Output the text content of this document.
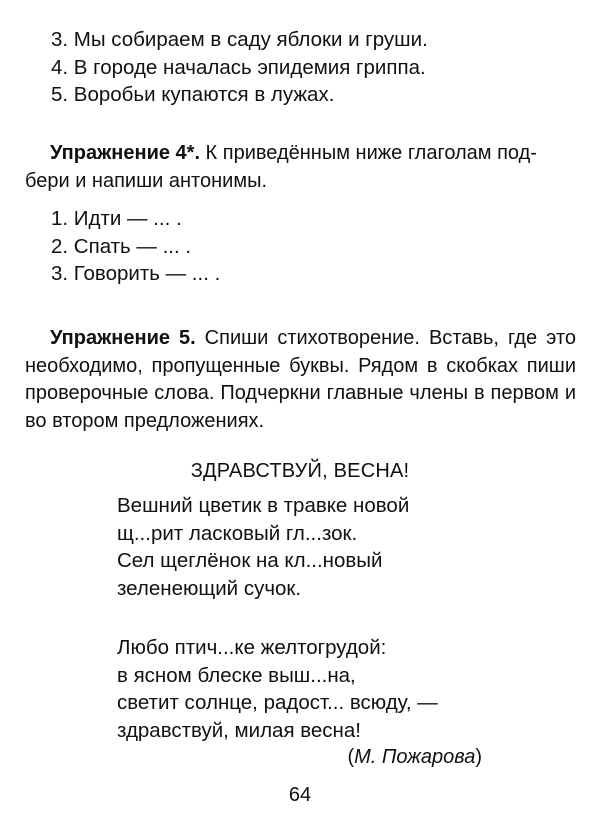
3. Мы собираем в саду яблоки и груши.
4. В городе началась эпидемия гриппа.
5. Воробьи купаются в лужах.

Упражнение 4*. К приведённым ниже глаголам под-
бери и напиши антонимы.

1. Идти — ... .
2. Спать — ... .
3. Говорить — ... .

Упражнение 5. Спиши стихотворение. Вставь, где это необходимо, пропущенные буквы. Рядом в скобках пиши проверочные слова. Подчеркни главные члены в первом и во втором предложениях.

ЗДРАВСТВУЙ, ВЕСНА!
Вешний цветик в травке новой
щ...рит ласковый гл...зок.
Сел щеглёнок на кл...новый
зеленеющий сучок.
Любо птич...ке желтогрудой:
в ясном блеске выш...на,
светит солнце, радост... всюду, —
здравствуй, милая весна!
(М. Пожарова)
64
